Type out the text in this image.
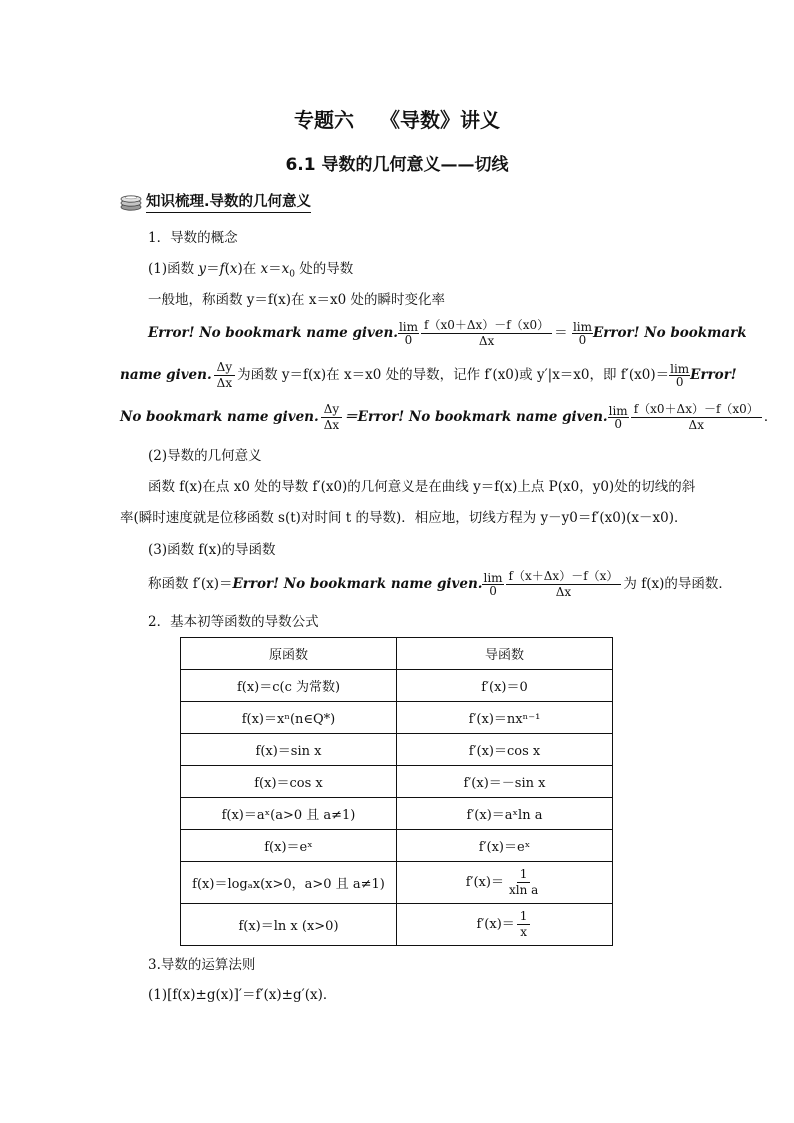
专题六 《导数》讲义
6.1 导数的几何意义——切线
知识梳理.导数的几何意义
1．导数的概念
(1)函数 y＝f(x)在 $x=x_0$ 处的导数
一般地，称函数 y＝f(x)在 x＝x0 处的瞬时变化率
Error! No bookmark name given. $\frac{\lim}{0} \frac{f(x0+\Delta x)-f(x0)}{\Delta x} = \frac{\lim}{0}$ Error! No bookmark
name given. $\frac{\Delta y}{\Delta x}$ 为函数 y＝f(x)在 x＝x0 处的导数，记作 f′(x0)或 y′|x＝x0，即 $f'(x0)= \frac{\lim}{0}$ Error!
No bookmark name given. $\frac{\Delta y}{\Delta x}$ ＝Error! No bookmark name given. $\frac{\lim}{0} \frac{f(x0+\Delta x)-f(x0)}{\Delta x}$ ．
(2)导数的几何意义
函数 f(x)在点 x0 处的导数 f′(x0)的几何意义是在曲线 y＝f(x)上点 P(x0，y0)处的切线的斜
率(瞬时速度就是位移函数 s(t)对时间 t 的导数)．相应地，切线方程为 y－y0＝f′(x0)(x－x0)．
(3)函数 f(x)的导函数
称函数 f′(x)＝Error! No bookmark name given. $\frac{\lim}{0} \frac{f(x+\Delta x)-f(x)}{\Delta x}$ 为 f(x)的导函数．
2．基本初等函数的导数公式
原函数	导函数
f(x)＝c(c 为常数)	f′(x)＝0
f(x)＝xⁿ(n∈Q*)	f′(x)＝nxⁿ⁻¹
f(x)＝sin x	f′(x)＝cos x
f(x)＝cos x	f′(x)＝－sin x
f(x)＝aˣ(a>0 且 a≠1)	f′(x)＝aˣln a
f(x)＝eˣ	f′(x)＝eˣ
f(x)＝logₐx(x>0，a>0 且 a≠1)	$f'(x)= \frac{1}{\text{xln a}}$

f(x)＝ln x (x>0)	$f'(x)= \frac{1}{x}$
3.导数的运算法则
(1)[f(x)±g(x)]′＝f′(x)±g′(x)．
